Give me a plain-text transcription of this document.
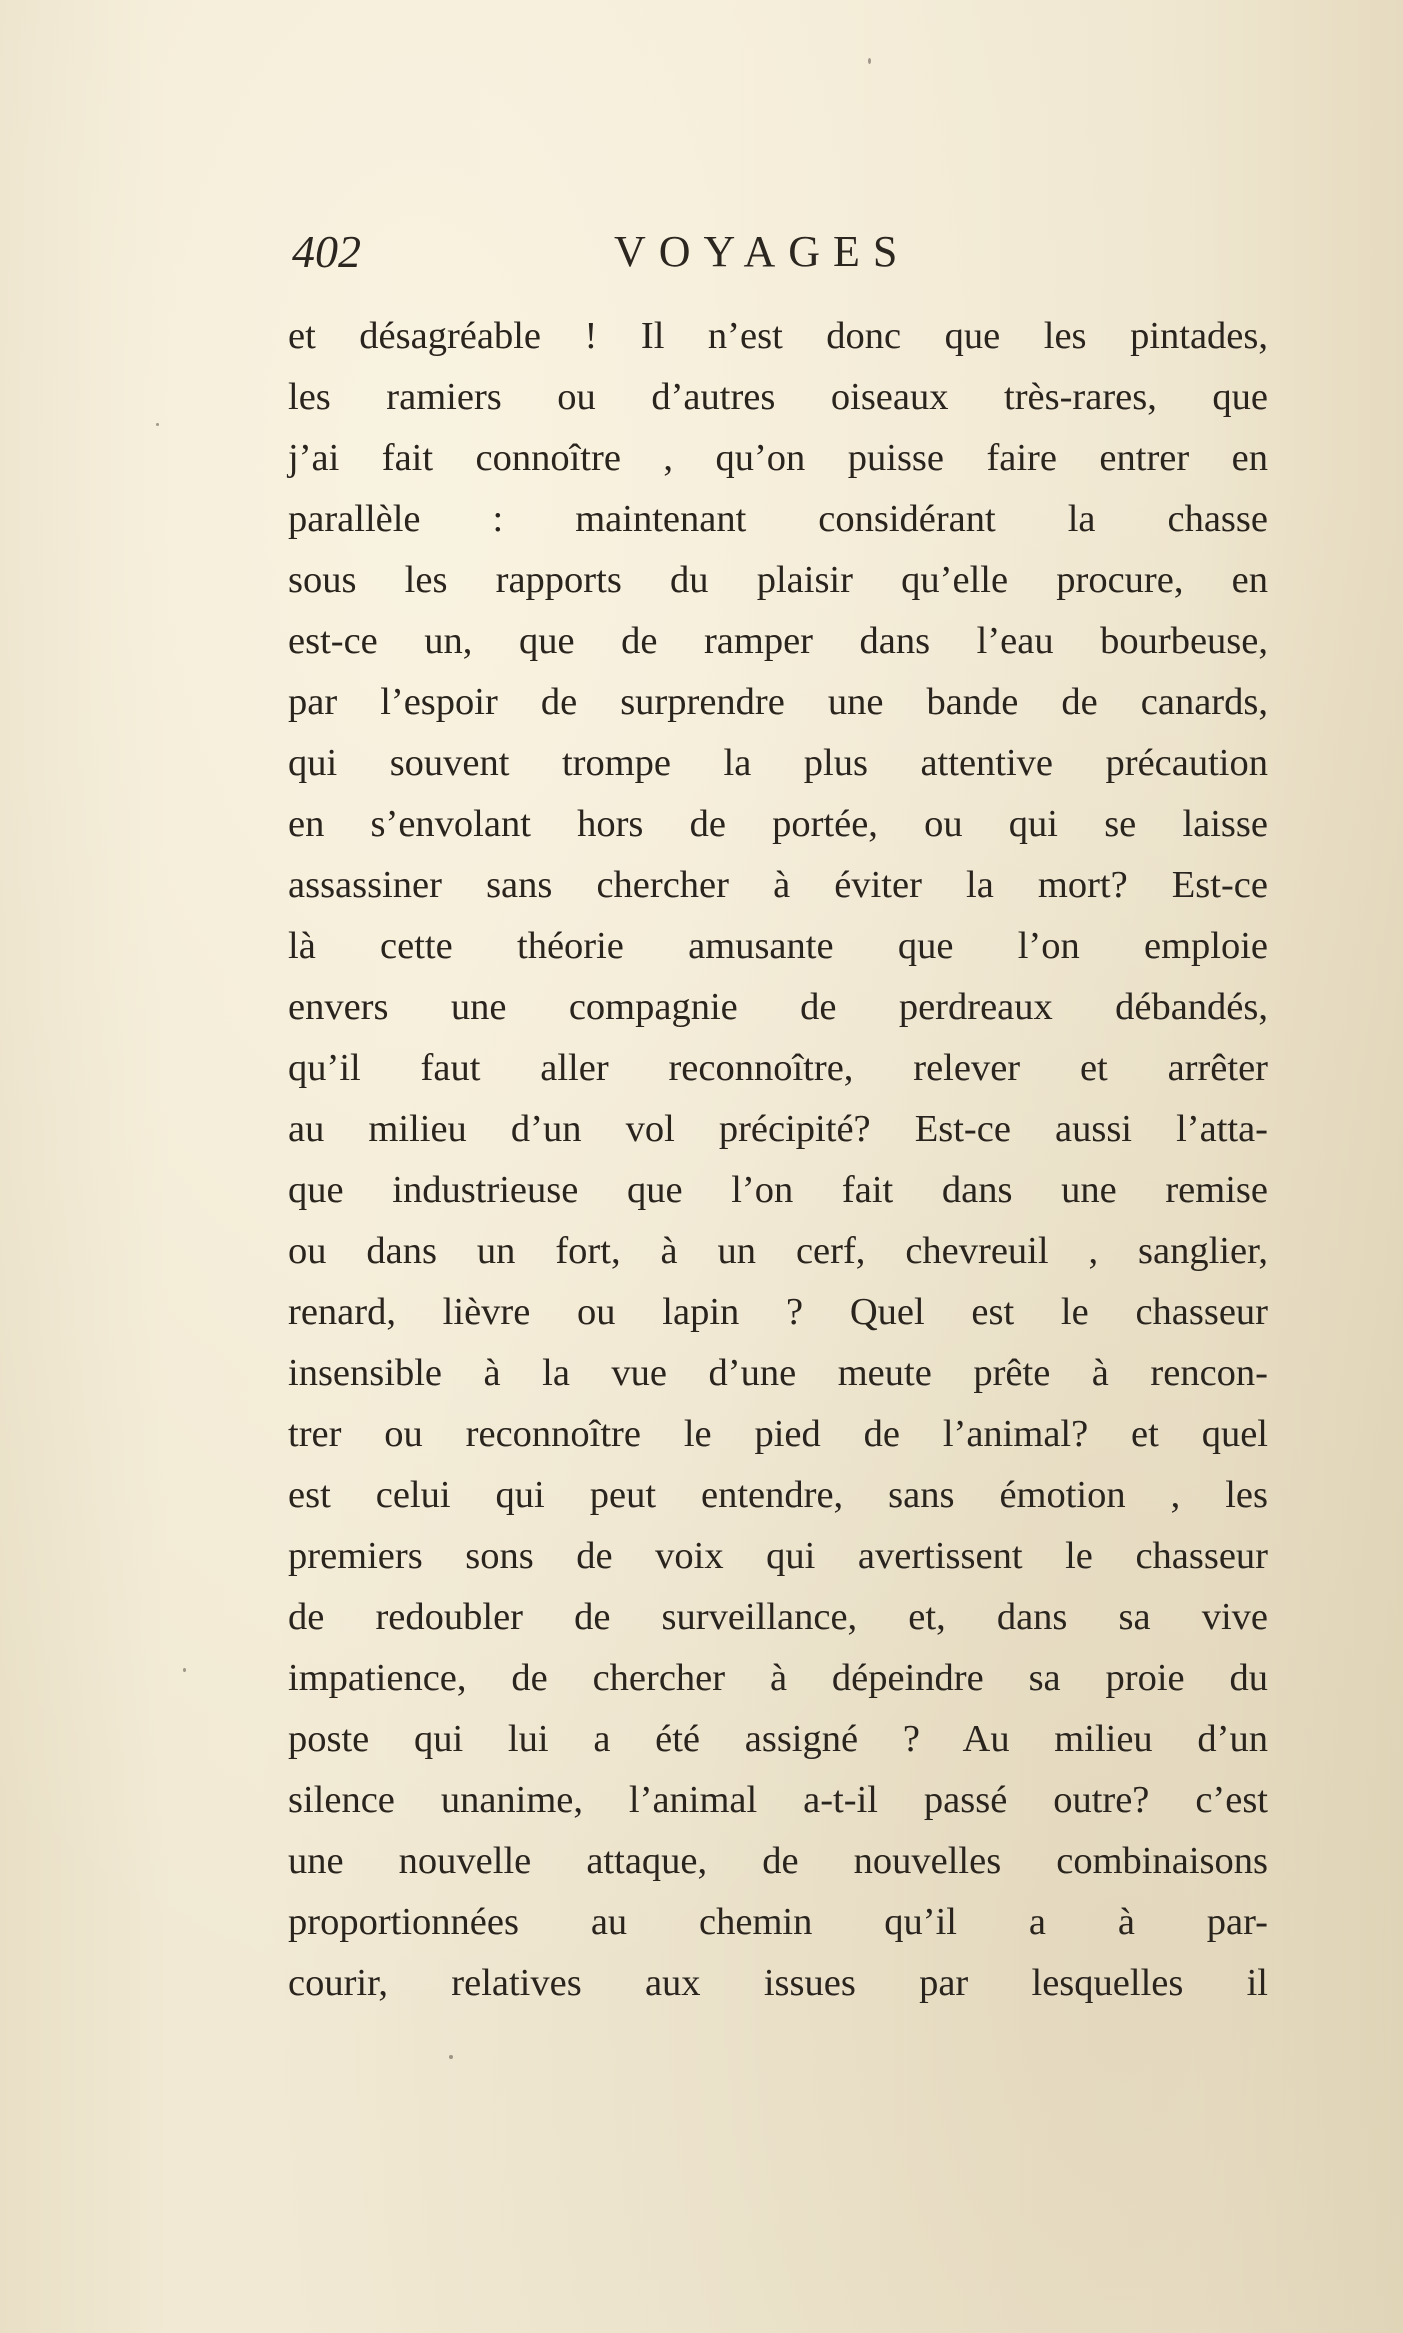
402	VOYAGES
et désagréable ! Il n’est donc que les pintades,
les ramiers ou d’autres oiseaux très-rares, que
j’ai fait connoître , qu’on puisse faire entrer en
parallèle : maintenant considérant la chasse
sous les rapports du plaisir qu’elle procure, en
est-ce un, que de ramper dans l’eau bourbeuse,
par l’espoir de surprendre une bande de canards,
qui souvent trompe la plus attentive précaution
en s’envolant hors de portée, ou qui se laisse
assassiner sans chercher à éviter la mort? Est-ce
là cette théorie amusante que l’on emploie
envers une compagnie de perdreaux débandés,
qu’il faut aller reconnoître, relever et arrêter
au milieu d’un vol précipité? Est-ce aussi l’atta-
que industrieuse que l’on fait dans une remise
ou dans un fort, à un cerf, chevreuil , sanglier,
renard, lièvre ou lapin ? Quel est le chasseur
insensible à la vue d’une meute prête à rencon-
trer ou reconnoître le pied de l’animal? et quel
est celui qui peut entendre, sans émotion , les
premiers sons de voix qui avertissent le chasseur
de redoubler de surveillance, et, dans sa vive
impatience, de chercher à dépeindre sa proie du
poste qui lui a été assigné ? Au milieu d’un
silence unanime, l’animal a-t-il passé outre? c’est
une nouvelle attaque, de nouvelles combinaisons
proportionnées au chemin qu’il a à par-
courir, relatives aux issues par lesquelles il
